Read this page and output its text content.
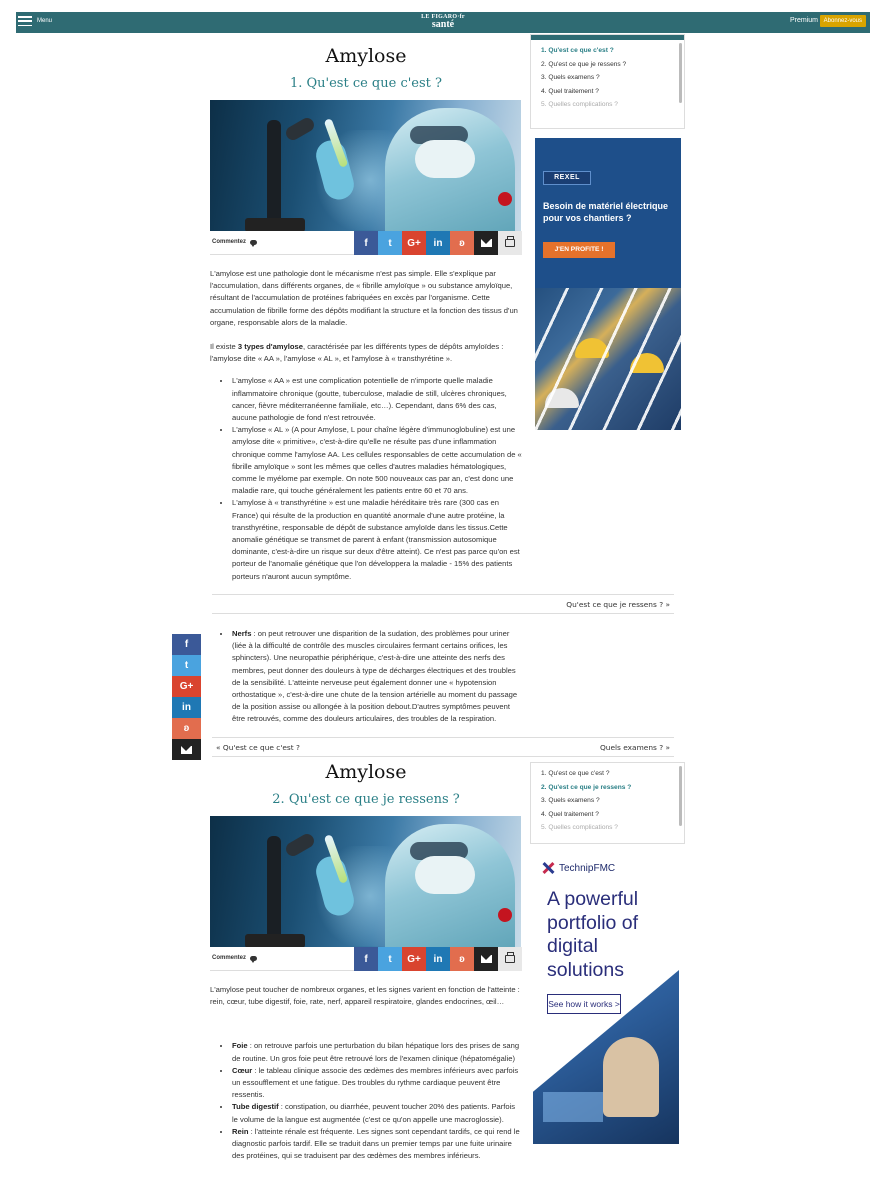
Menu
LE FIGARO·fr
santé	Premium Abonnez-vous
Amylose
1. Qu'est ce que c'est ?
Commentez	f	t	G+	in	ʚ

L'amylose est une pathologie dont le mécanisme n'est pas simple. Elle s'explique par l'accumulation, dans différents organes, de « fibrille amyloïque » ou substance amyloïque, résultant de l'accumulation de protéines fabriquées en excès par l'organisme. Cette accumulation de fibrille forme des dépôts modifiant la structure et la fonction des tissus d'un organe, responsable alors de la maladie.

Il existe 3 types d'amylose, caractérisée par les différents types de dépôts amyloïdes : l'amylose dite « AA », l'amylose « AL », et l'amylose à « transthyrétine ».

• L'amylose « AA » est une complication potentielle de n'importe quelle maladie inflammatoire chronique (goutte, tuberculose, maladie de still, ulcères chroniques, cancer, fièvre méditerranéenne familiale, etc…). Cependant, dans 6% des cas, aucune pathologie de fond n'est retrouvée.
• L'amylose « AL » (A pour Amylose, L pour chaîne légère d'immunoglobuline) est une amylose dite « primitive», c'est-à-dire qu'elle ne résulte pas d'une inflammation chronique comme l'amylose AA. Les cellules responsables de cette accumulation de « fibrille amyloïque » sont les mêmes que celles d'autres maladies hématologiques, comme le myélome par exemple. On note 500 nouveaux cas par an, c'est donc une maladie rare, qui touche généralement les patients entre 60 et 70 ans.
• L'amylose à « transthyrétine » est une maladie héréditaire très rare (300 cas en France) qui résulte de la production en quantité anormale d'une autre protéine, la transthyrétine, responsable de dépôt de substance amyloïde dans les tissus.Cette anomalie génétique se transmet de parent à enfant (transmission autosomique dominante, c'est-à-dire un risque sur deux d'être atteint). Ce n'est pas parce qu'on est porteur de l'anomalie génétique que l'on développera la maladie - 15% des patients porteurs n'auront aucun symptôme.
Qu'est ce que je ressens ? »
• Nerfs : on peut retrouver une disparition de la sudation, des problèmes pour uriner (liée à la difficulté de contrôle des muscles circulaires fermant certains orifices, les sphincters). Une neuropathie périphérique, c'est-à-dire une atteinte des nerfs des membres, peut donner des douleurs à type de décharges électriques et des troubles de la sensibilité. L'atteinte nerveuse peut également donner une « hypotension orthostatique », c'est-à-dire une chute de la tension artérielle au moment du passage de la position assise ou allongée à la position debout.D'autres symptômes peuvent être retrouvés, comme des douleurs articulaires, des troubles de la respiration.
« Qu'est ce que c'est ?	Quels examens ? »
f
t
G+
in
ʚ
Amylose
2. Qu'est ce que je ressens ?
Commentez	f	t	G+	in	ʚ

L'amylose peut toucher de nombreux organes, et les signes varient en fonction de l'atteinte : rein, cœur, tube digestif, foie, rate, nerf, appareil respiratoire, glandes endocrines, œil…

• Foie : on retrouve parfois une perturbation du bilan hépatique lors des prises de sang de routine. Un gros foie peut être retrouvé lors de l'examen clinique (hépatomégalie)
• Cœur : le tableau clinique associe des œdèmes des membres inférieurs avec parfois un essoufflement et une fatigue. Des troubles du rythme cardiaque peuvent être ressentis.
• Tube digestif : constipation, ou diarrhée, peuvent toucher 20% des patients. Parfois le volume de la langue est augmentée (c'est ce qu'on appelle une macroglossie).
• Rein : l'atteinte rénale est fréquente. Les signes sont cependant tardifs, ce qui rend le diagnostic parfois tardif. Elle se traduit dans un premier temps par une fuite urinaire des protéines, qui se traduisent par des œdèmes des membres inférieurs.
1. Qu'est ce que c'est ?
2. Qu'est ce que je ressens ?
3. Quels examens ?
4. Quel traitement ?
5. Quelles complications ?
1. Qu'est ce que c'est ?
2. Qu'est ce que je ressens ?
3. Quels examens ?
4. Quel traitement ?
5. Quelles complications ?
REXEL
Besoin de matériel électrique pour vos chantiers ?
J'EN PROFITE !
TechnipFMC
A powerful portfolio of digital solutions
See how it works >
